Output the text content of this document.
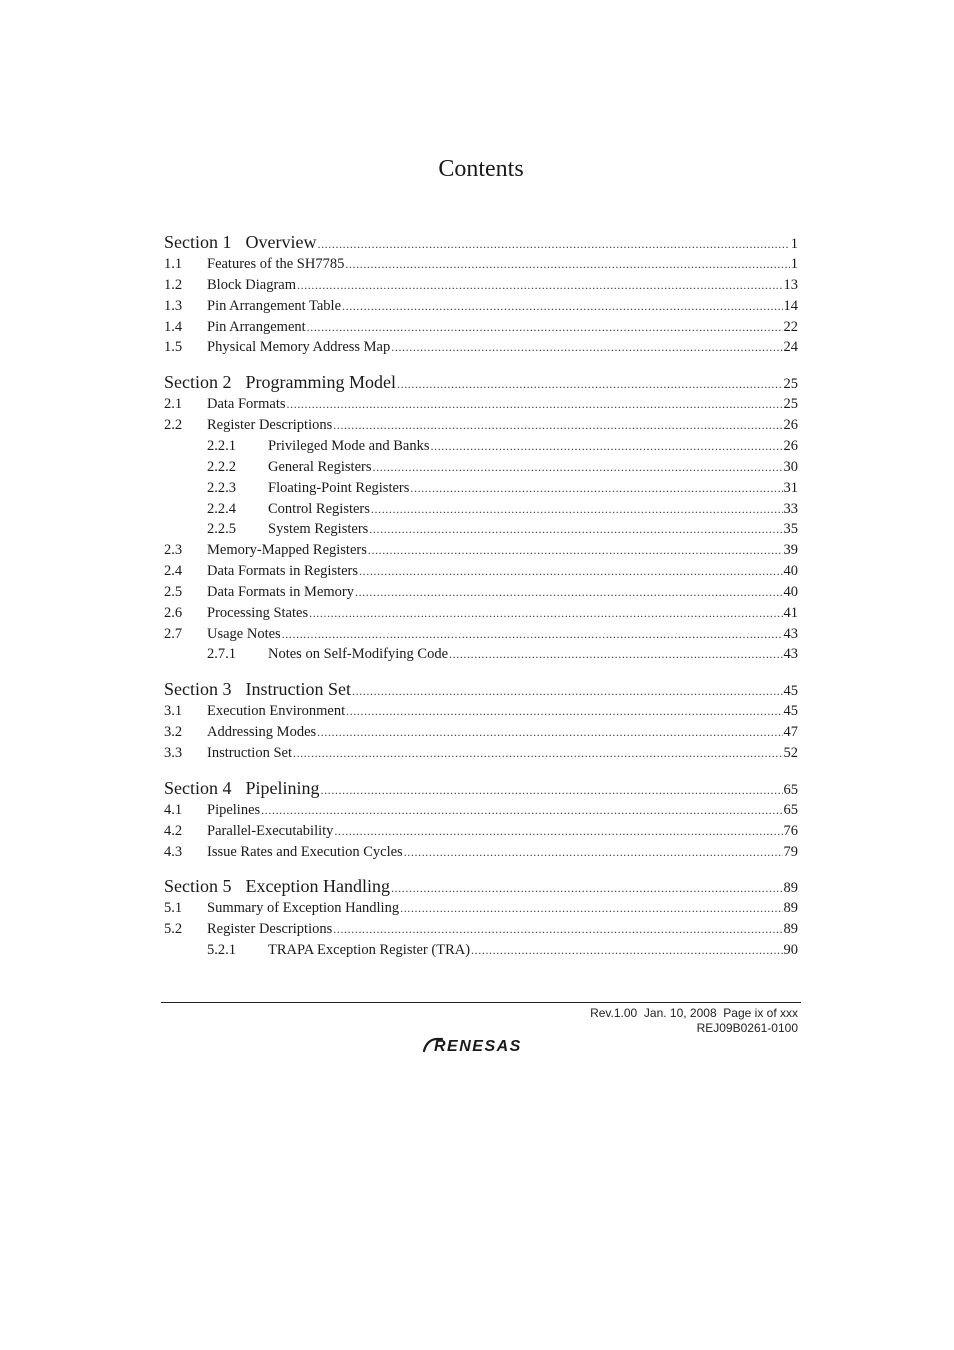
Contents
Section 1 Overview .....	1
1.1	Features of the SH7785 .....	1
1.2	Block Diagram .....	13
1.3	Pin Arrangement Table .....	14
1.4	Pin Arrangement .....	22
1.5	Physical Memory Address Map .....	24
Section 2 Programming Model .....	25
2.1	Data Formats .....	25
2.2	Register Descriptions .....	26
2.2.1	Privileged Mode and Banks .....	26
2.2.2	General Registers .....	30
2.2.3	Floating-Point Registers .....	31
2.2.4	Control Registers .....	33
2.2.5	System Registers .....	35
2.3	Memory-Mapped Registers .....	39
2.4	Data Formats in Registers .....	40
2.5	Data Formats in Memory .....	40
2.6	Processing States .....	41
2.7	Usage Notes .....	43
2.7.1	Notes on Self-Modifying Code .....	43
Section 3 Instruction Set .....	45
3.1	Execution Environment .....	45
3.2	Addressing Modes .....	47
3.3	Instruction Set .....	52
Section 4 Pipelining .....	65
4.1	Pipelines .....	65
4.2	Parallel-Executability .....	76
4.3	Issue Rates and Execution Cycles .....	79
Section 5 Exception Handling .....	89
5.1	Summary of Exception Handling .....	89
5.2	Register Descriptions .....	89
5.2.1	TRAPA Exception Register (TRA) .....	90
Rev.1.00  Jan. 10, 2008  Page ix of xxx
REJ09B0261-0100
RENESAS
